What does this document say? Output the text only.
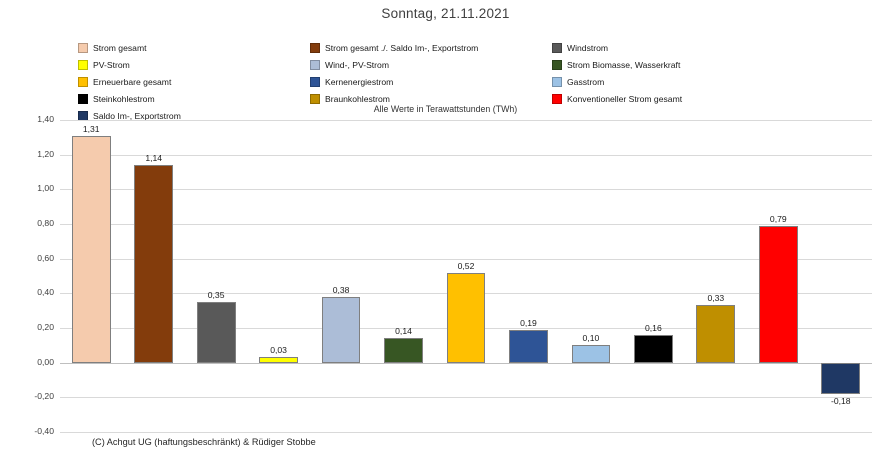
Sonntag, 21.11.2021
Strom gesamt
PV-Strom
Erneuerbare gesamt
Steinkohlestrom
Saldo Im-, Exportstrom
Strom gesamt ./. Saldo Im-, Exportstrom
Wind-, PV-Strom
Kernenergiestrom
Braunkohlestrom
Windstrom
Strom Biomasse, Wasserkraft
Gasstrom
Konventioneller Strom gesamt
Alle Werte in Terawattstunden (TWh)
1,40
1,20
1,00
0,80
0,60
0,40
0,20
0,00
-0,20
-0,40
1,31
1,14
0,35
0,03
0,38
0,14
0,52
0,19
0,10
0,16
0,33
0,79
-0,18
(C) Achgut UG (haftungsbeschränkt) & Rüdiger Stobbe
